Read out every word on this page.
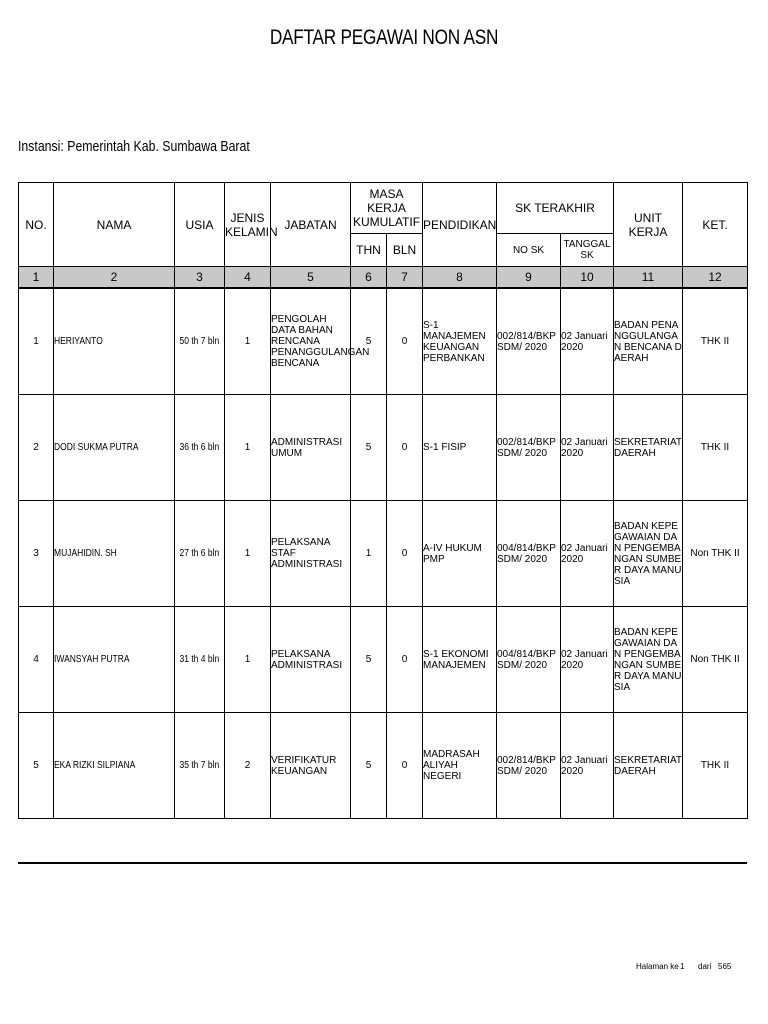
DAFTAR PEGAWAI NON ASN
Instansi: Pemerintah Kab. Sumbawa Barat
NO.	NAMA	USIA	JENIS KELAMIN	JABATAN	MASA KERJA KUMULATIF		PENDIDIKAN	SK TERAKHIR		UNIT KERJA	KET.
					THN	BLN		NO SK	TANGGAL SK		
1	2	3	4	5	6	7	8	9	10	11	12
1	HERIYANTO	50 th 7 bln	1	PENGOLAH DATA BAHAN RENCANA PENANGGULANGAN BENCANA	5	0	S-1 MANAJEMEN KEUANGAN PERBANKAN	002/814/BKPSDM/ 2020	02 Januari 2020	BADAN PENANGGULANGAN BENCANA DAERAH	THK II
2	DODI SUKMA PUTRA	36 th 6 bln	1	ADMINISTRASI UMUM	5	0	S-1 FISIP	002/814/BKPSDM/ 2020	02 Januari 2020	SEKRETARIAT DAERAH	THK II
3	MUJAHIDIN. SH	27 th 6 bln	1	PELAKSANA STAF ADMINISTRASI	1	0	A-IV HUKUM PMP	004/814/BKPSDM/ 2020	02 Januari 2020	BADAN KEPEGAWAIAN DAN PENGEMBANGAN SUMBER DAYA MANUSIA	Non THK II
4	IWANSYAH PUTRA	31 th 4 bln	1	PELAKSANA ADMINISTRASI	5	0	S-1 EKONOMI MANAJEMEN	004/814/BKPSDM/ 2020	02 Januari 2020	BADAN KEPEGAWAIAN DAN PENGEMBANGAN SUMBER DAYA MANUSIA	Non THK II
5	EKA RIZKI SILPIANA	35 th 7 bln	2	VERIFIKATUR KEUANGAN	5	0	MADRASAH ALIYAH NEGERI	002/814/BKPSDM/ 2020	02 Januari 2020	SEKRETARIAT DAERAH	THK II
Halaman ke 1 dari 565
